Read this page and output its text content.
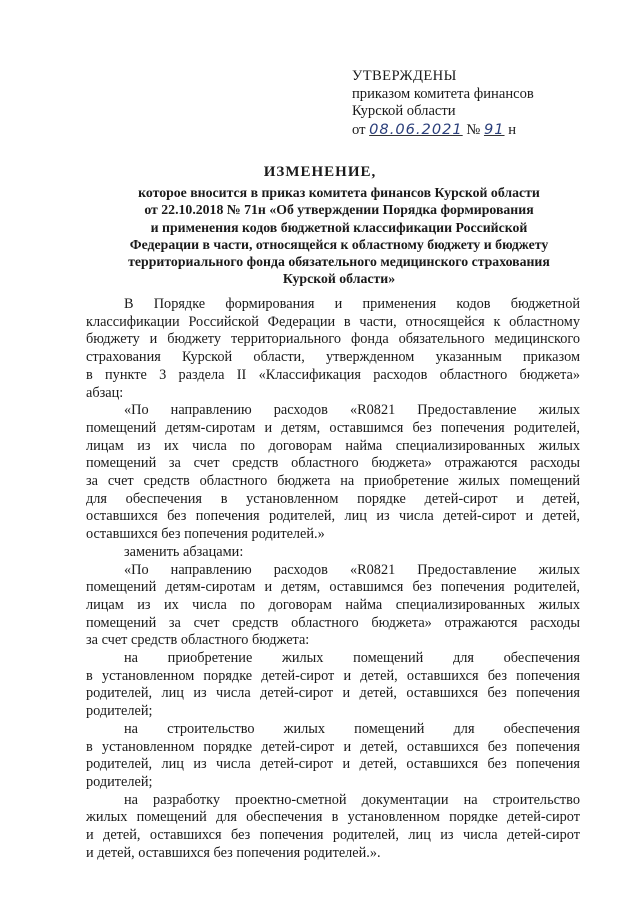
УТВЕРЖДЕНЫ
приказом комитета финансов
Курской области
от 08.06.2021 № 91 н
ИЗМЕНЕНИЕ,
которое вносится в приказ комитета финансов Курской области
от 22.10.2018 № 71н «Об утверждении Порядка формирования
и применения кодов бюджетной классификации Российской
Федерации в части, относящейся к областному бюджету и бюджету
территориального фонда обязательного медицинского страхования
Курской области»
В Порядке формирования и применения кодов бюджетной
классификации Российской Федерации в части, относящейся к областному
бюджету и бюджету территориального фонда обязательного медицинского
страхования Курской области, утвержденном указанным приказом
в пункте 3 раздела II «Классификация расходов областного бюджета»
абзац:
«По направлению расходов «R0821 Предоставление жилых
помещений детям-сиротам и детям, оставшимся без попечения родителей,
лицам из их числа по договорам найма специализированных жилых
помещений за счет средств областного бюджета» отражаются расходы
за счет средств областного бюджета на приобретение жилых помещений
для обеспечения в установленном порядке детей-сирот и детей,
оставшихся без попечения родителей, лиц из числа детей-сирот и детей,
оставшихся без попечения родителей.»
заменить абзацами:
«По направлению расходов «R0821 Предоставление жилых
помещений детям-сиротам и детям, оставшимся без попечения родителей,
лицам из их числа по договорам найма специализированных жилых
помещений за счет средств областного бюджета» отражаются расходы
за счет средств областного бюджета:
на приобретение жилых помещений для обеспечения
в установленном порядке детей-сирот и детей, оставшихся без попечения
родителей, лиц из числа детей-сирот и детей, оставшихся без попечения
родителей;
на строительство жилых помещений для обеспечения
в установленном порядке детей-сирот и детей, оставшихся без попечения
родителей, лиц из числа детей-сирот и детей, оставшихся без попечения
родителей;
на разработку проектно-сметной документации на строительство
жилых помещений для обеспечения в установленном порядке детей-сирот
и детей, оставшихся без попечения родителей, лиц из числа детей-сирот
и детей, оставшихся без попечения родителей.».
